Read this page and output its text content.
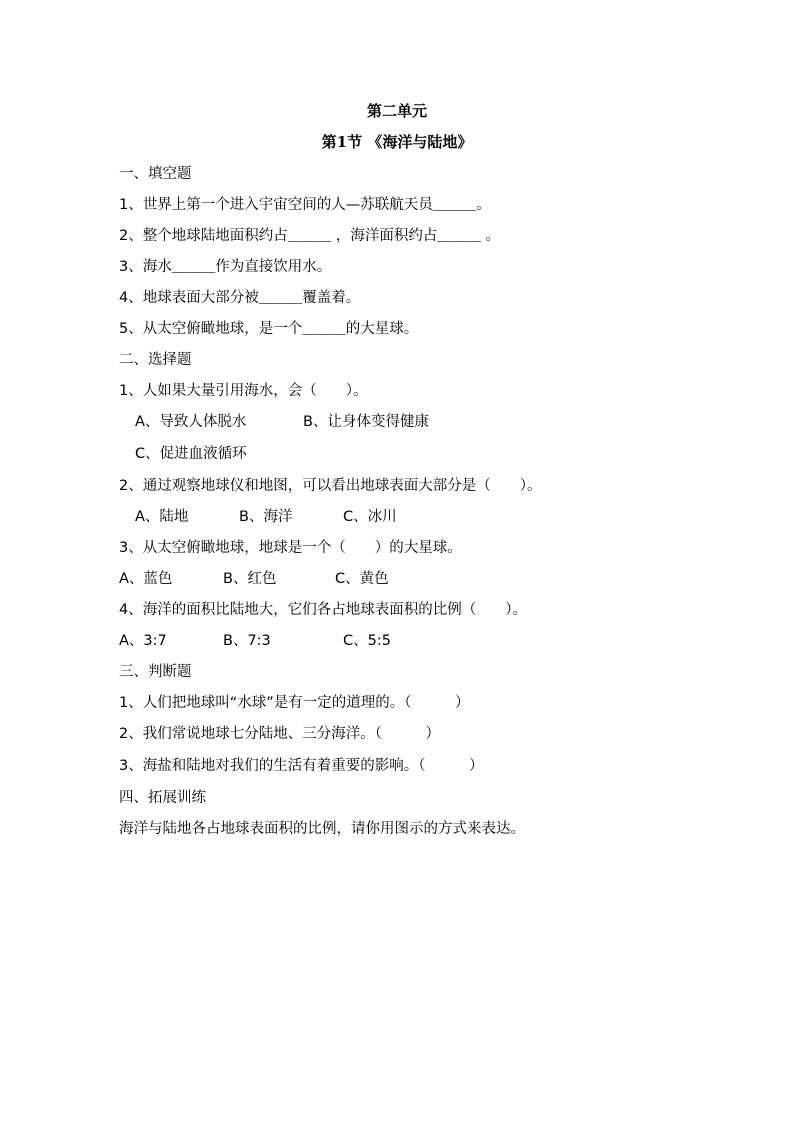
第二单元
第1节 《海洋与陆地》
一、填空题
1、世界上第一个进入宇宙空间的人—苏联航天员＿＿＿。
2、整个地球陆地面积约占＿＿＿ ，海洋面积约占＿＿＿ 。
3、海水＿＿＿作为直接饮用水。
4、地球表面大部分被＿＿＿覆盖着。
5、从太空俯瞰地球，是一个＿＿＿的大星球。
二、选择题
1、人如果大量引用海水，会（　　）。
A、导致人体脱水	B、让身体变得健康
C、促进血液循环
2、通过观察地球仪和地图，可以看出地球表面大部分是（　　）。
A、陆地	B、海洋	C、冰川
3、从太空俯瞰地球，地球是一个（　　）的大星球。
A、蓝色	B、红色	C、黄色
4、海洋的面积比陆地大，它们各占地球表面积的比例（　　）。
A、3:7	B、7:3	C、5:5
三、判断题
1、人们把地球叫“水球”是有一定的道理的。（　　　）
2、我们常说地球七分陆地、三分海洋。（　　　）
3、海盐和陆地对我们的生活有着重要的影响。（　　　）
四、拓展训练
海洋与陆地各占地球表面积的比例，请你用图示的方式来表达。
